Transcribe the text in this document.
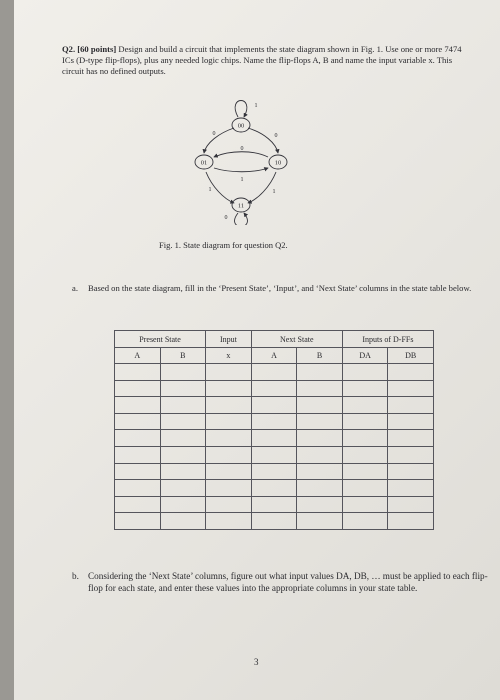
Q2. [60 points] Design and build a circuit that implements the state diagram shown in Fig. 1. Use one or more 7474 ICs (D-type flip-flops), plus any needed logic chips. Name the flip-flops A, B and name the input variable x. This circuit has no defined outputs.
00
01	10
11
1
0	0
0
1
1	1
0
Fig. 1. State diagram for question Q2.
a. Based on the state diagram, fill in the ‘Present State’, ‘Input’, and ‘Next State’ columns in the state table below.
Present State		Input	Next State		Inputs of D-FFs	
A	B	x	A	B	DA	DB

b. Considering the ‘Next State’ columns, figure out what input values DA, DB, … must be applied to each flip-flop for each state, and enter these values into the appropriate columns in your state table.
3
